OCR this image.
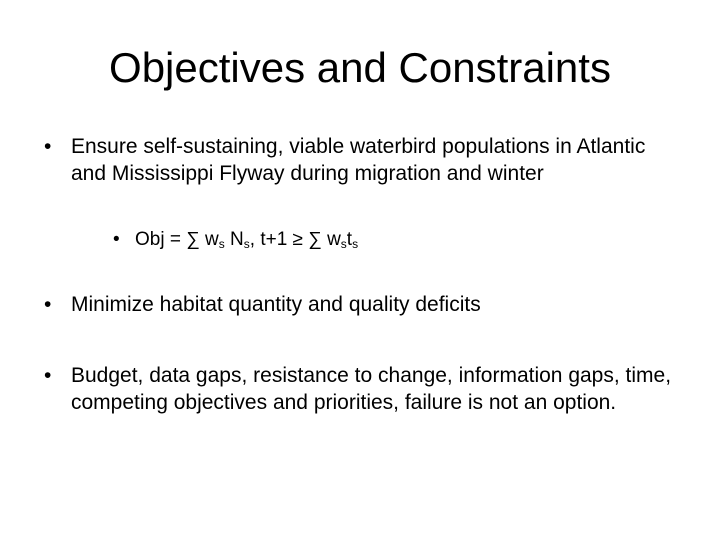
Objectives and Constraints
• Ensure self-sustaining, viable waterbird populations in Atlantic and Mississippi Flyway during migration and winter
• Obj = ∑ $w_s$ $N_s$, t+1 ≥ ∑ $w_st_s$
• Minimize habitat quantity and quality deficits
• Budget, data gaps, resistance to change, information gaps, time, competing objectives and priorities, failure is not an option.
